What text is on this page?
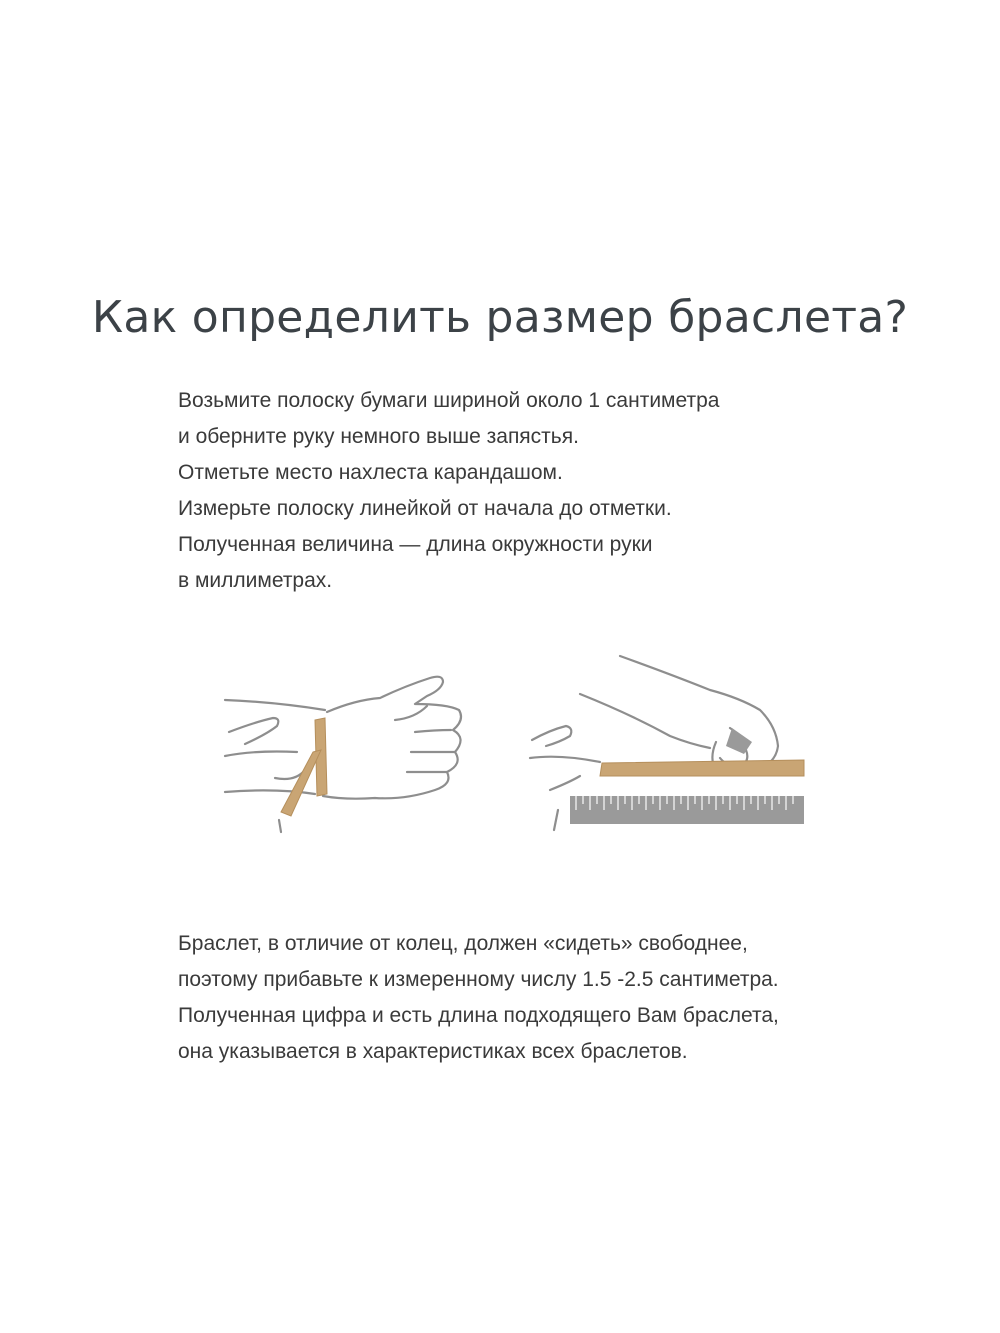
Как определить размер браслета?
Возьмите полоску бумаги шириной около 1 сантиметра
и оберните руку немного выше запястья.
Отметьте место нахлеста карандашом.
Измерьте полоску линейкой от начала до отметки.
Полученная величина — длина окружности руки
в миллиметрах.
Браслет, в отличие от колец, должен «сидеть» свободнее,
поэтому прибавьте к измеренному числу 1.5 -2.5 сантиметра.
Полученная цифра и есть длина подходящего Вам браслета,
она указывается в характеристиках всех браслетов.
